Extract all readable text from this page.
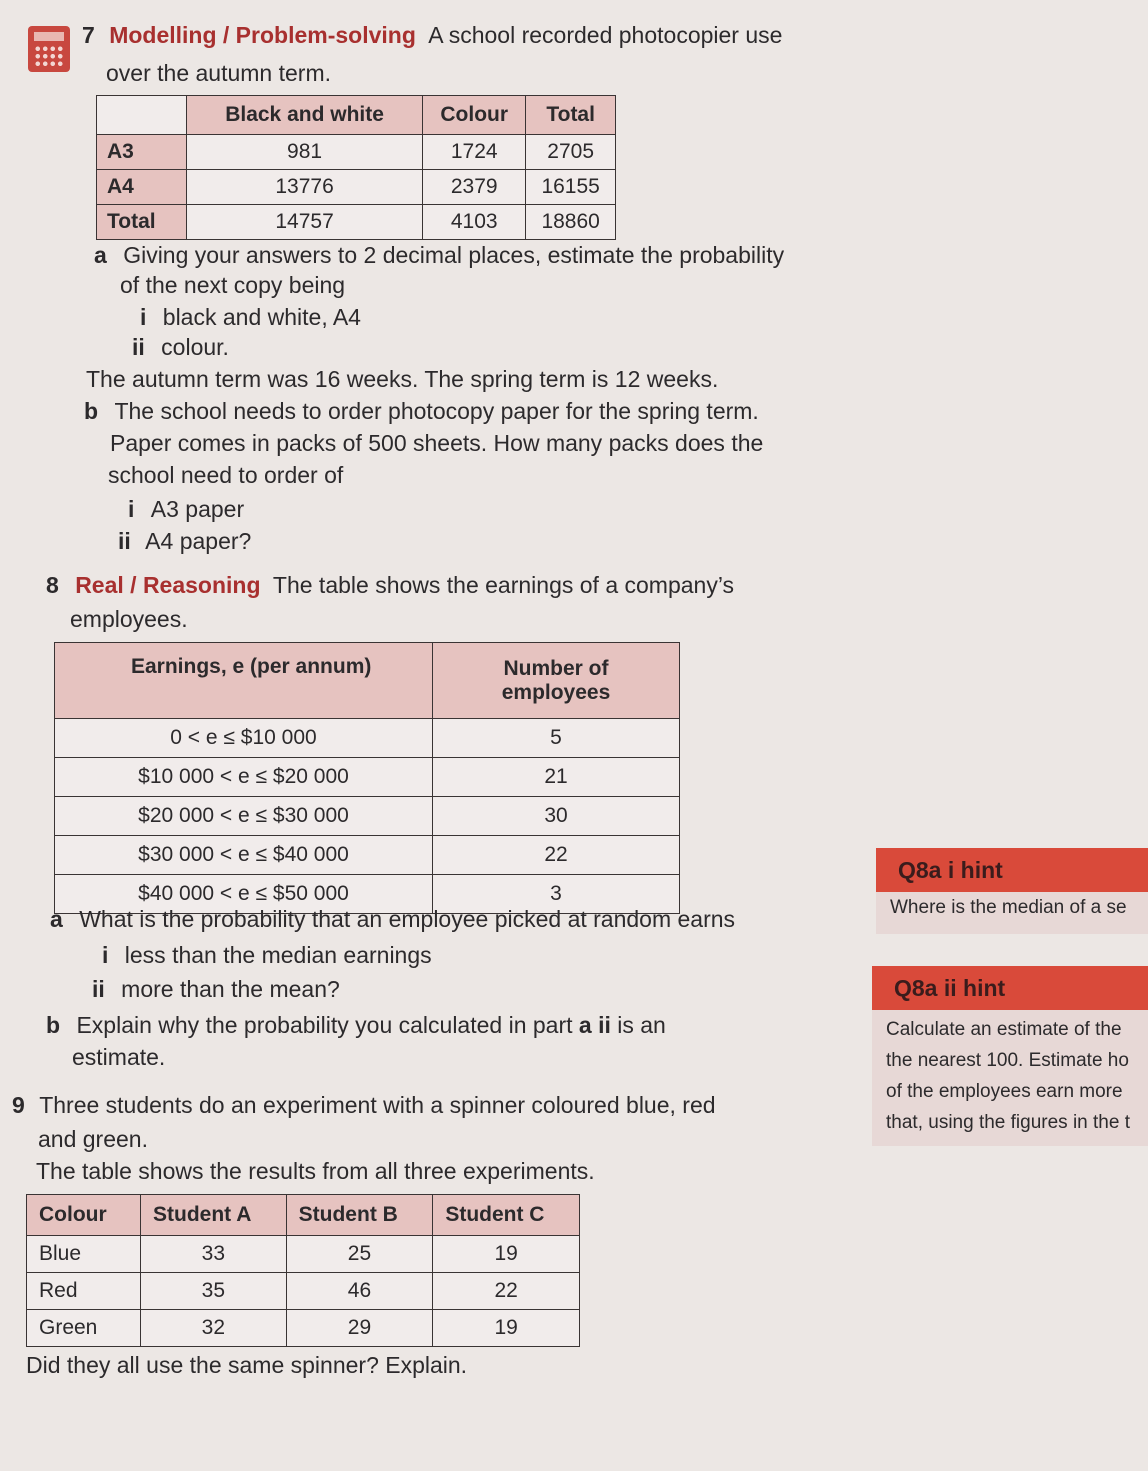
7 Modelling / Problem-solving A school recorded photocopier use
over the autumn term.
	Black and white	Colour	Total
A3	981	1724	2705
A4	13776	2379	16155
Total	14757	4103	18860
a Giving your answers to 2 decimal places, estimate the probability
of the next copy being
i black and white, A4
ii colour.
The autumn term was 16 weeks. The spring term is 12 weeks.
b The school needs to order photocopy paper for the spring term.
Paper comes in packs of 500 sheets. How many packs does the
school need to order of
i A3 paper
ii A4 paper?
8 Real / Reasoning The table shows the earnings of a company’s
employees.
Earnings, e (per annum)	Number of
employees

0 < e ≤ $10 000	5
$10 000 < e ≤ $20 000	21
$20 000 < e ≤ $30 000	30
$30 000 < e ≤ $40 000	22
$40 000 < e ≤ $50 000	3
a What is the probability that an employee picked at random earns
i less than the median earnings
ii more than the mean?
b Explain why the probability you calculated in part a ii is an
estimate.
9 Three students do an experiment with a spinner coloured blue, red
and green.
The table shows the results from all three experiments.
Colour	Student A	Student B	Student C
Blue	33	25	19
Red	35	46	22
Green	32	29	19
Did they all use the same spinner? Explain.
Q8a i hint
Where is the median of a se
Q8a ii hint
Calculate an estimate of the
the nearest 100. Estimate ho
of the employees earn more
that, using the figures in the t
